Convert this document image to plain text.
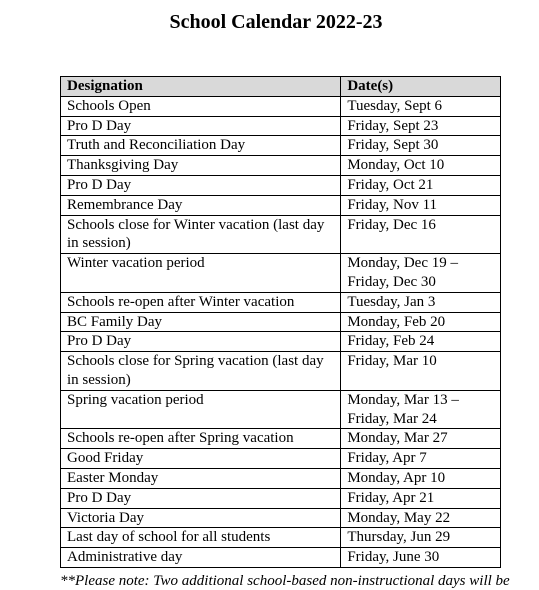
School Calendar 2022-23
Designation	Date(s)
Schools Open	Tuesday, Sept 6
Pro D Day	Friday, Sept 23
Truth and Reconciliation Day	Friday, Sept 30
Thanksgiving Day	Monday, Oct 10
Pro D Day	Friday, Oct 21
Remembrance Day	Friday, Nov 11
Schools close for Winter vacation (last day in session)	Friday, Dec 16
Winter vacation period	Monday, Dec 19 – Friday, Dec 30
Schools re-open after Winter vacation	Tuesday, Jan 3
BC Family Day	Monday, Feb 20
Pro D Day	Friday, Feb 24
Schools close for Spring vacation (last day in session)	Friday, Mar 10
Spring vacation period	Monday, Mar 13 – Friday, Mar 24
Schools re-open after Spring vacation	Monday, Mar 27
Good Friday	Friday, Apr 7
Easter Monday	Monday, Apr 10
Pro D Day	Friday, Apr 21
Victoria Day	Monday, May 22
Last day of school for all students	Thursday, Jun 29
Administrative day	Friday, June 30
**Please note: Two additional school-based non-instructional days will be
